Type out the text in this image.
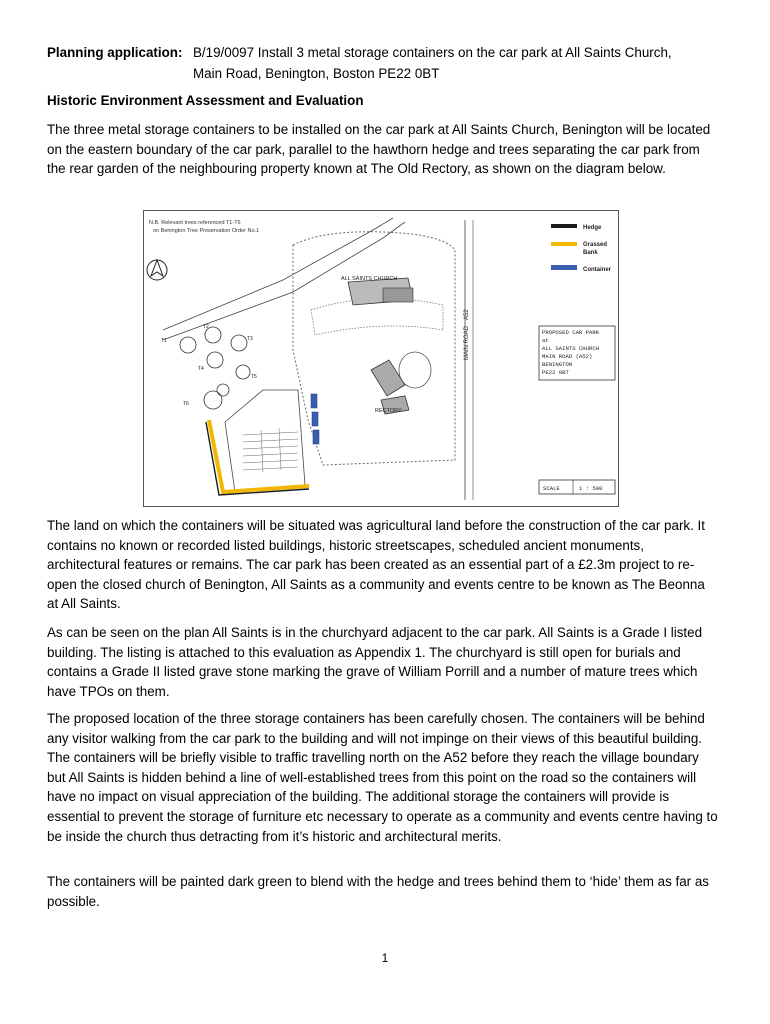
Planning application: B/19/0097 Install 3 metal storage containers on the car park at All Saints Church,
Main Road, Benington, Boston PE22 0BT
Historic Environment Assessment and Evaluation

The three metal storage containers to be installed on the car park at All Saints Church, Benington will be located on the eastern boundary of the car park, parallel to the hawthorn hedge and trees separating the car park from the rear garden of the neighbouring property known at The Old Rectory, as shown on the diagram below.

N.B. Relevant trees referenced T1-T6
on Benington Tree Preservation Order No.1
ALL SAINTS CHURCH
RECTORY
MAIN ROAD
A52
T1
T2
T3
T4
T5
T6
Hedge
Grassed
Bank
Container
PROPOSED CAR PARK
at
ALL SAINTS CHURCH
MAIN ROAD (A52)
BENINGTON
PE22 0BT
SCALE	1 : 500

The land on which the containers will be situated was agricultural land before the construction of the car park. It contains no known or recorded listed buildings, historic streetscapes, scheduled ancient monuments, architectural features or remains. The car park has been created as an essential part of a £2.3m project to re-open the closed church of Benington, All Saints as a community and events centre to be known as The Beonna at All Saints.

As can be seen on the plan All Saints is in the churchyard adjacent to the car park. All Saints is a Grade I listed building. The listing is attached to this evaluation as Appendix 1. The churchyard is still open for burials and contains a Grade II listed grave stone marking the grave of William Porrill and a number of mature trees which have TPOs on them.

The proposed location of the three storage containers has been carefully chosen. The containers will be behind any visitor walking from the car park to the building and will not impinge on their views of this beautiful building. The containers will be briefly visible to traffic travelling north on the A52 before they reach the village boundary but All Saints is hidden behind a line of well-established trees from this point on the road so the containers will have no impact on visual appreciation of the building. The additional storage the containers will provide is essential to prevent the storage of furniture etc necessary to operate as a community and events centre having to be inside the church thus detracting from it’s historic and architectural merits.

The containers will be painted dark green to blend with the hedge and trees behind them to ‘hide’ them as far as possible.

1
